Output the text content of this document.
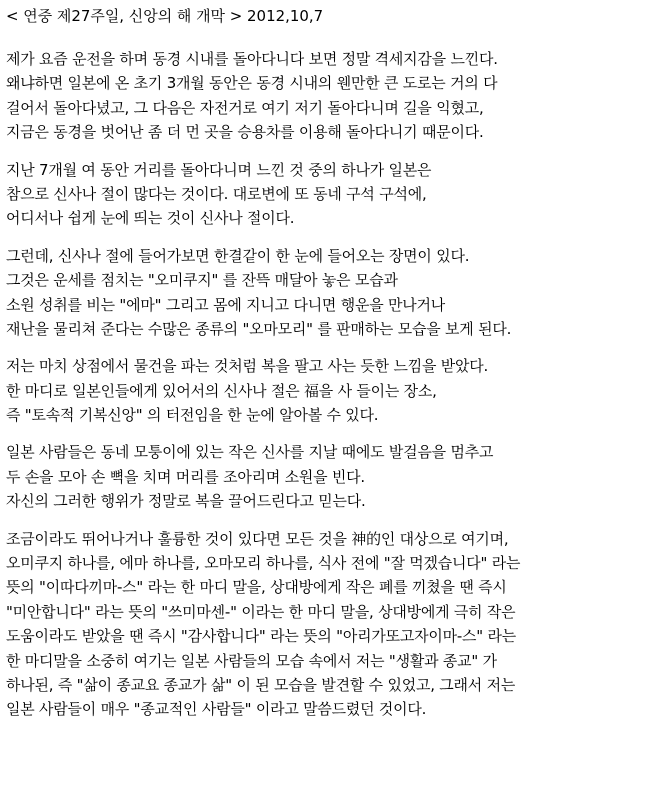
< 연중 제27주일, 신앙의 해 개막 > 2012,10,7
제가 요즘 운전을 하며 동경 시내를 돌아다니다 보면 정말 격세지감을 느낀다.
왜냐하면 일본에 온 초기 3개월 동안은 동경 시내의 웬만한 큰 도로는 거의 다
걸어서 돌아다녔고, 그 다음은 자전거로 여기 저기 돌아다니며 길을 익혔고,
지금은 동경을 벗어난 좀 더 먼 곳을 승용차를 이용해 돌아다니기 때문이다.
지난 7개월 여 동안 거리를 돌아다니며 느낀 것 중의 하나가 일본은
참으로 신사나 절이 많다는 것이다. 대로변에 또 동네 구석 구석에,
어디서나 쉽게 눈에 띄는 것이 신사나 절이다.
그런데, 신사나 절에 들어가보면 한결같이 한 눈에 들어오는 장면이 있다.
그것은 운세를 점치는 "오미쿠지" 를 잔뜩 매달아 놓은 모습과
소원 성취를 비는 "에마" 그리고 몸에 지니고 다니면 행운을 만나거나
재난을 물리쳐 준다는 수많은 종류의 "오마모리" 를 판매하는 모습을 보게 된다.
저는 마치 상점에서 물건을 파는 것처럼 복을 팔고 사는 듯한 느낌을 받았다.
한 마디로 일본인들에게 있어서의 신사나 절은 福을 사 들이는 장소,
즉 "토속적 기복신앙" 의 터전임을 한 눈에 알아볼 수 있다.
일본 사람들은 동네 모퉁이에 있는 작은 신사를 지날 때에도 발걸음을 멈추고
두 손을 모아 손 뼉을 치며 머리를 조아리며 소원을 빈다.
자신의 그러한 행위가 정말로 복을 끌어드린다고 믿는다.
조금이라도 뛰어나거나 훌륭한 것이 있다면 모든 것을 神的인 대상으로 여기며,
오미쿠지 하나를, 에마 하나를, 오마모리 하나를, 식사 전에 "잘 먹겠습니다" 라는
뜻의 "이따다끼마-스" 라는 한 마디 말을, 상대방에게 작은 폐를 끼쳤을 땐 즉시
"미안합니다" 라는 뜻의 "쓰미마센-" 이라는 한 마디 말을, 상대방에게 극히 작은
도움이라도 받았을 땐 즉시 "감사합니다" 라는 뜻의 "아리가또고자이마-스" 라는
한 마디말을 소중히 여기는 일본 사람들의 모습 속에서 저는 "생활과 종교" 가
하나된, 즉 "삶이 종교요 종교가 삶" 이 된 모습을 발견할 수 있었고, 그래서 저는
일본 사람들이 매우 "종교적인 사람들" 이라고 말씀드렸던 것이다.
